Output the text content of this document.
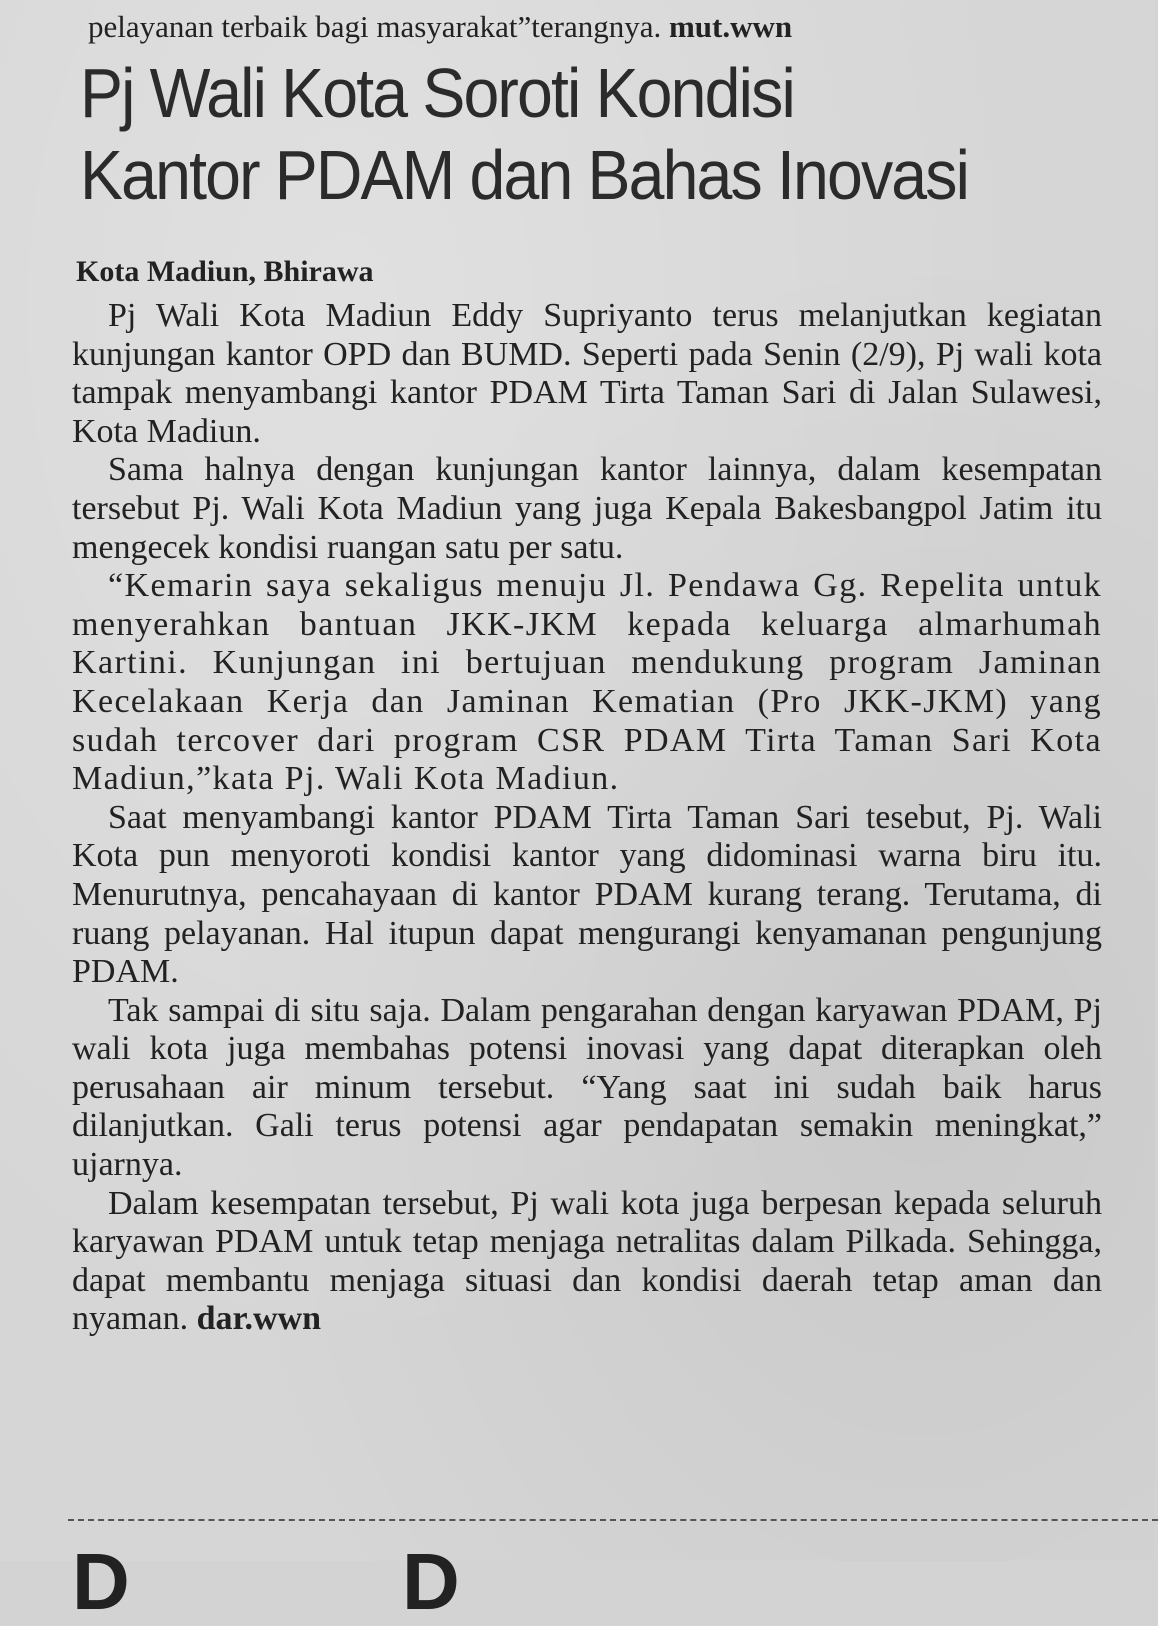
pelayanan terbaik bagi masyarakat”terangnya. mut.wwn
Pj Wali Kota Soroti Kondisi
Kantor PDAM dan Bahas Inovasi
Kota Madiun, Bhirawa

Pj Wali Kota Madiun Eddy Supriyanto terus melanjutkan kegiatan kunjungan kantor OPD dan BUMD. Seperti pada Senin (2/9), Pj wali kota tampak menyambangi kantor PDAM Tirta Taman Sari di Jalan Sulawesi, Kota Madiun.

Sama halnya dengan kunjungan kantor lainnya, dalam kesempatan tersebut Pj. Wali Kota Madiun yang juga Kepala Bakesbangpol Jatim itu mengecek kondisi ruangan satu per satu.

“Kemarin saya sekaligus menuju Jl. Pendawa Gg. Repelita untuk menyerahkan bantuan JKK-JKM kepada keluarga almarhumah Kartini. Kunjungan ini bertujuan mendukung program Jaminan Kecelakaan Kerja dan Jaminan Kematian (Pro JKK-JKM) yang sudah tercover dari program CSR PDAM Tirta Taman Sari Kota Madiun,”kata Pj. Wali Kota Madiun.

Saat menyambangi kantor PDAM Tirta Taman Sari tesebut, Pj. Wali Kota pun menyoroti kondisi kantor yang didominasi warna biru itu. Menurutnya, pencahayaan di kantor PDAM kurang terang. Terutama, di ruang pelayanan. Hal itupun dapat mengurangi kenyamanan pengunjung PDAM.

Tak sampai di situ saja. Dalam pengarahan dengan karyawan PDAM, Pj wali kota juga membahas potensi inovasi yang dapat diterapkan oleh perusahaan air minum tersebut. “Yang saat ini sudah baik harus dilanjutkan. Gali terus potensi agar pendapatan semakin meningkat,” ujarnya.

Dalam kesempatan tersebut, Pj wali kota juga berpesan kepada seluruh karyawan PDAM untuk tetap menjaga netralitas dalam Pilkada. Sehingga, dapat membantu menjaga situasi dan kondisi daerah tetap aman dan nyaman. dar.wwn

D	D
